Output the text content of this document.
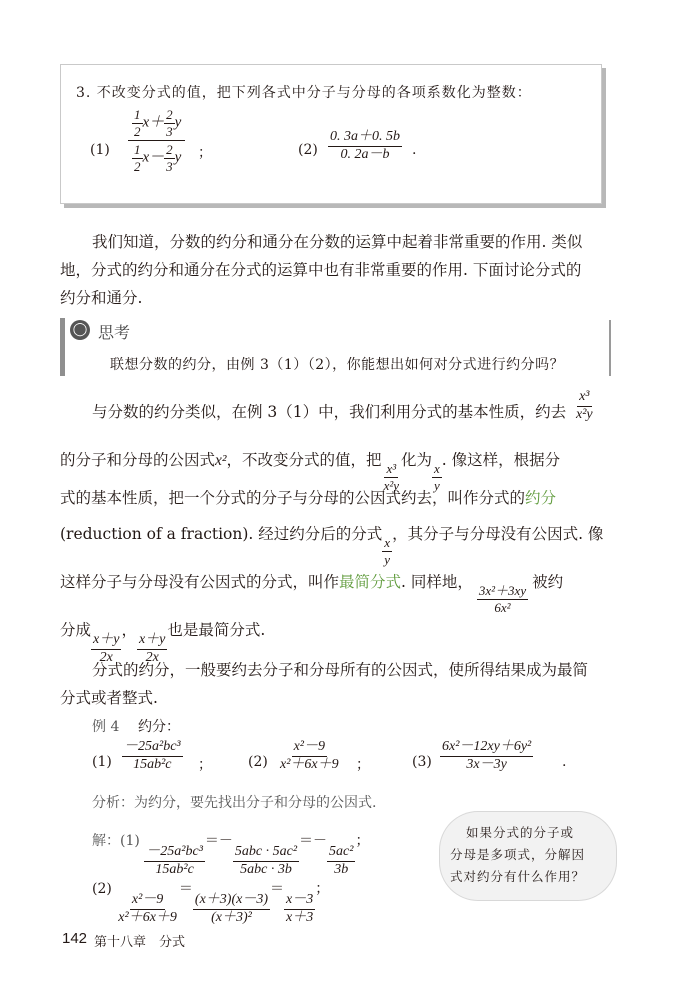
3. 不改变分式的值，把下列各式中分子与分母的各项系数化为整数：
$(1) \frac{\frac{1}{2} x+ \frac{2}{3} y}{\frac{1}{2} x- \frac{2}{3} y}$ ；	$(2) \frac{0. 3a+0. 5b}{0. 2a-b}$ .
我们知道，分数的约分和通分在分数的运算中起着非常重要的作用. 类似
地，分式的约分和通分在分式的运算中也有非常重要的作用. 下面讨论分式的
约分和通分.
◯ 思考
联想分数的约分，由例 3（1）（2），你能想出如何对分式进行约分吗？
与分数的约分类似，在例 3（1）中，我们利用分式的基本性质，约去 $\frac{\text{x³}}{\text{x²y}}$
的分子和分母的公因式x²，不改变分式的值，把
$\frac{\text{x³}}{\text{x²y}}$
化为
$\frac{x}{y}$
. 像这样，根据分
式的基本性质，把一个分式的分子与分母的公因式约去，叫作分式的约分
(reduction of a fraction). 经过约分后的分式
$\frac{x}{y}$
，其分子与分母没有公因式. 像
这样分子与分母没有公因式的分式，叫作最简分式. 同样地，
$\frac{\text{3x²＋3xy}}{\text{6x²}}$
被约
分成
$\frac{x+y}{2x}$
，
$\frac{x+y}{2x}$
也是最简分式.
分式的约分，一般要约去分子和分母所有的公因式，使所得结果成为最简
分式或者整式.
例 4 约分：
$(1) \frac{\text{－25a²bc³}}{\text{15ab²c}}$ ；	$(2) \frac{\text{x²－9}}{\text{x²＋6x＋9}}$ ；	$(3) \frac{\text{6x²－12xy＋6y²}}{3x-3y}$ .
分析：为约分，要先找出分子和分母的公因式.
解：(1)
$\frac{\text{－25a²bc³}}{\text{15ab²c}}$
＝－
$\frac{\text{5abc · 5ac²}}{\text{5abc · 3b}}$
＝－
$\frac{\text{5ac²}}{3b}$
；
(2)
$\frac{\text{x²－9}}{\text{x²＋6x＋9}}$
＝
$\frac{(x+3)(x-3)}{\text{(x＋3)²}}$
＝
$\frac{x-3}{x+3}$
；
如果分式的分子或
分母是多项式，分解因
式对约分有什么作用？
142 第十八章　分式
